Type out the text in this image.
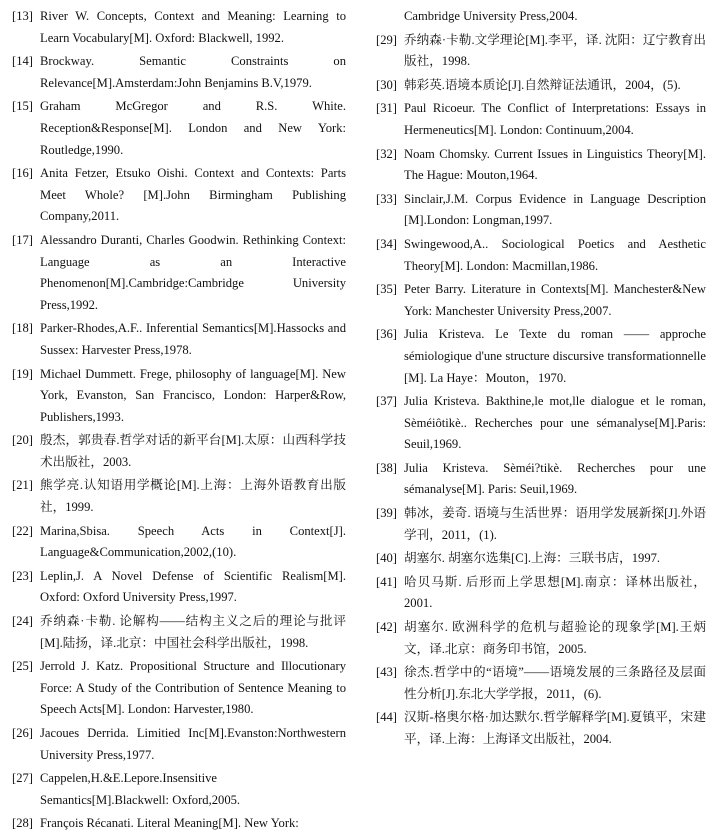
[13] River W. Concepts, Context and Meaning: Learning to Learn Vocabulary[M]. Oxford: Blackwell, 1992.
[14] Brockway. Semantic Constraints on Relevance[M].Amsterdam:John Benjamins B.V,1979.
[15] Graham McGregor and R.S. White. Reception&Response[M]. London and New York: Routledge,1990.
[16] Anita Fetzer, Etsuko Oishi. Context and Contexts: Parts Meet Whole? [M].John Birmingham Publishing Company,2011.
[17] Alessandro Duranti, Charles Goodwin. Rethinking Context: Language as an Interactive Phenomenon[M].Cambridge:Cambridge University Press,1992.
[18] Parker-Rhodes,A.F.. Inferential Semantics[M].Hassocks and Sussex: Harvester Press,1978.
[19] Michael Dummett. Frege, philosophy of language[M]. New York, Evanston, San Francisco, London: Harper&Row, Publishers,1993.
[20] 殷杰，郭贵春.哲学对话的新平台[M].太原：山西科学技术出版社，2003.
[21] 熊学亮.认知语用学概论[M].上海：上海外语教育出版社，1999.
[22] Marina,Sbisa. Speech Acts in Context[J]. Language&Communication,2002,(10).
[23] Leplin,J. A Novel Defense of Scientific Realism[M]. Oxford: Oxford University Press,1997.
[24] 乔纳森·卡勒. 论解构——结构主义之后的理论与批评[M].陆扬，译.北京：中国社会科学出版社，1998.
[25] Jerrold J. Katz. Propositional Structure and Illocutionary Force: A Study of the Contribution of Sentence Meaning to Speech Acts[M]. London: Harvester,1980.
[26] Jacoues Derrida. Limitied Inc[M].Evanston:Northwestern University Press,1977.
[27] Cappelen,H.&E.Lepore.Insensitive Semantics[M].Blackwell: Oxford,2005.
[28] François Récanati. Literal Meaning[M]. New York:
Cambridge University Press,2004.
[29] 乔纳森·卡勒.文学理论[M].李平，译. 沈阳：辽宁教育出版社，1998.
[30] 韩彩英.语境本质论[J].自然辩证法通讯，2004，(5).
[31] Paul Ricoeur. The Conflict of Interpretations: Essays in Hermeneutics[M]. London: Continuum,2004.
[32] Noam Chomsky. Current Issues in Linguistics Theory[M]. The Hague: Mouton,1964.
[33] Sinclair,J.M. Corpus Evidence in Language Description [M].London: Longman,1997.
[34] Swingewood,A.. Sociological Poetics and Aesthetic Theory[M]. London: Macmillan,1986.
[35] Peter Barry. Literature in Contexts[M]. Manchester&New York: Manchester University Press,2007.
[36] Julia Kristeva. Le Texte du roman —— approche sémiologique d'une structure discursive transformationnelle [M]. La Haye：Mouton，1970.
[37] Julia Kristeva. Bakthine,le mot,lle dialogue et le roman, Sèméiôtikè.. Recherches pour une sémanalyse[M].Paris: Seuil,1969.
[38] Julia Kristeva. Sèméi?tikè. Recherches pour une sémanalyse[M]. Paris: Seuil,1969.
[39] 韩冰，姜奇. 语境与生活世界：语用学发展新探[J].外语学刊，2011，(1).
[40] 胡塞尔. 胡塞尔选集[C].上海：三联书店，1997.
[41] 哈贝马斯. 后形而上学思想[M].南京：译林出版社，2001.
[42] 胡塞尔. 欧洲科学的危机与超验论的现象学[M].王炳文，译.北京：商务印书馆，2005.
[43] 徐杰.哲学中的“语境”——语境发展的三条路径及层面性分析[J].东北大学学报，2011，(6).
[44] 汉斯-格奥尔格·加达默尔.哲学解释学[M].夏镇平，宋建平，译.上海：上海译文出版社，2004.
